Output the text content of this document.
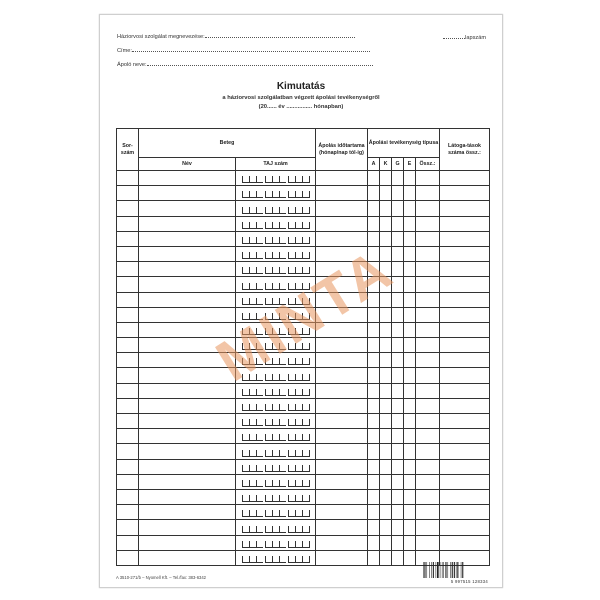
Háziorvosi szolgálat megnevezése:	lapszám
Címe:
Ápoló neve:
Kimutatás
a háziorvosi szolgálatban végzett ápolási tevékenységről
(20...... év ................ hónapban)
Sor-szám	Beteg		Ápolás időtartama (hónap/nap tól-ig)	Ápolási tevékenység típusa					Látoga-tások száma össz.:
	Név	TAJ szám		A	K	G	E	Össz.:	

MINTA
A 3510-271/b – Nyomell Kft. – Tel./fax: 383-6342
5 997515 128334
